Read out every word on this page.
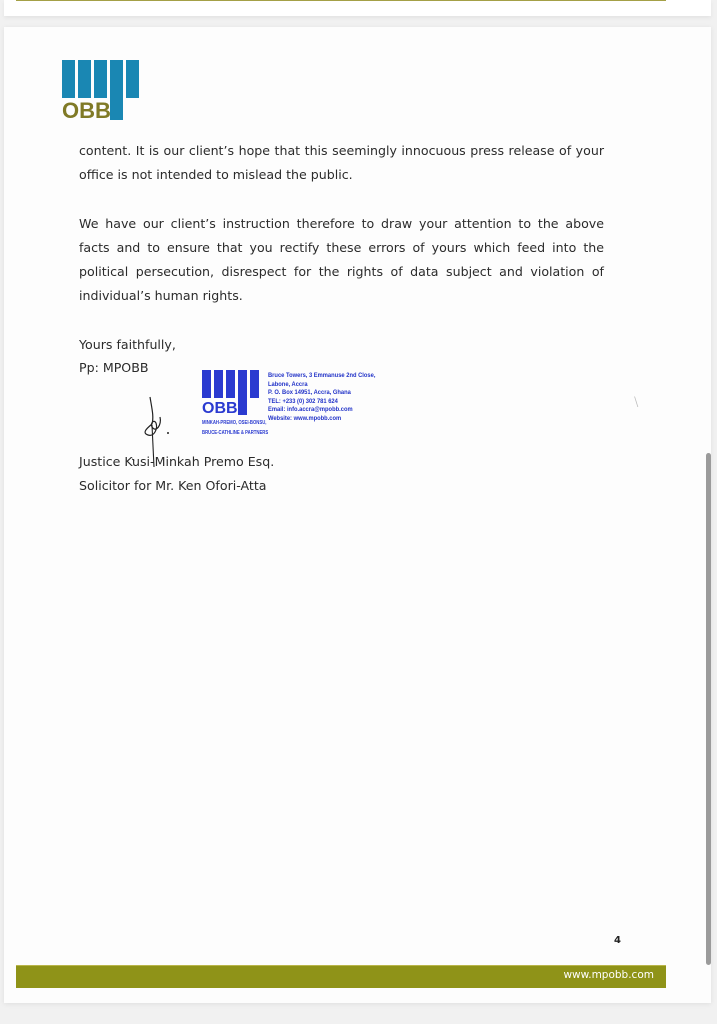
OBB
content. It is our client’s hope that this seemingly innocuous press release of your office is not intended to mislead the public.
We have our client’s instruction therefore to draw your attention to the above facts and to ensure that you rectify these errors of yours which feed into the political persecution, disrespect for the rights of data subject and violation of individual’s human rights.
Yours faithfully,
Pp: MPOBB
OBB
MINKAH-PREMO, OSEI-BONSU,
BRUCE-CATHLINE & PARTNERS
Bruce Towers, 3 Emmanuse 2nd Close,
Labone, Accra
P. O. Box 14951, Accra, Ghana
TEL: +233 (0) 302 781 624
Email: info.accra@mpobb.com
Website: www.mpobb.com
Justice Kusi-Minkah Premo Esq.
Solicitor for Mr. Ken Ofori-Atta
⧵
4
www.mpobb.com
